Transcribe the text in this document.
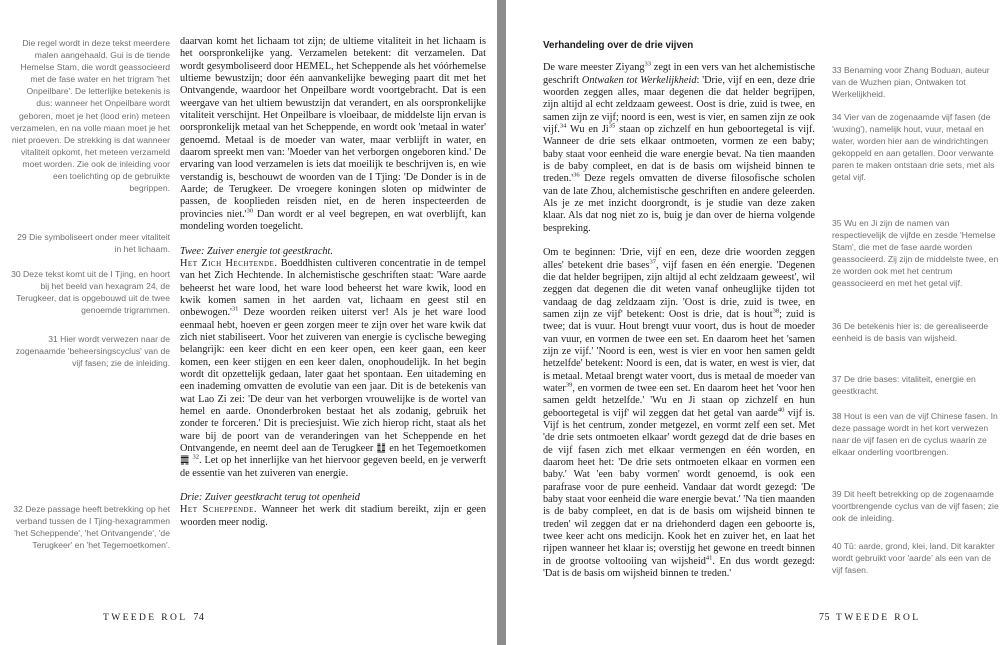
Die regel wordt in deze tekst meerdere malen aangehaald. Gui is de tiende Hemelse Stam, die wordt geassocieerd met de fase water en het trigram 'het Onpeilbare'. De letterlijke betekenis is dus: wanneer het Onpeilbare wordt geboren, moet je het (lood erin) meteen verzamelen, en na volle maan moet je het niet proeven. De strekking is dat wanneer vitaliteit opkomt, het meteen verzameld moet worden. Zie ook de inleiding voor een toelichting op de gebruikte begrippen.
29 Die symboliseert onder meer vitaliteit in het lichaam.
30 Deze tekst komt uit de I Tjing, en hoort bij het beeld van hexagram 24, de Terugkeer, dat is opgebouwd uit de twee genoemde trigrammen.
31 Hier wordt verwezen naar de zogenaamde 'beheersingscyclus' van de vijf fasen; zie de inleiding.
32 Deze passage heeft betrekking op het verband tussen de I Tjing-hexagrammen 'het Scheppende', 'het Ontvangende', 'de Terugkeer' en 'het Tegemoetkomen'.

daarvan komt het lichaam tot zijn; de ultieme vitaliteit in het lichaam is het oorspronkelijke yang. Verzamelen betekent: dit verzamelen. Dat wordt gesymboliseerd door HEMEL, het Scheppende als het vóórhemelse ultieme bewustzijn; door één aanvankelijke beweging paart dit met het Ontvangende, waardoor het Onpeilbare wordt voortgebracht. Dat is een weergave van het ultiem bewustzijn dat verandert, en als oorspronkelijke vitaliteit verschijnt. Het Onpeilbare is vloeibaar, de middelste lijn ervan is oorspronkelijk metaal van het Scheppende, en wordt ook 'metaal in water' genoemd. Metaal is de moeder van water, maar verblijft in water, en daarom spreekt men van: 'Moeder van het verborgen ongeboren kind.' De ervaring van lood verzamelen is iets dat moeilijk te beschrijven is, en wie verstandig is, beschouwt de woorden van de I Tjing: 'De Donder is in de Aarde; de Terugkeer. De vroegere koningen sloten op midwinter de passen, de kooplieden reisden niet, en de heren inspecteerden de provincies $niet.'^{30}$ Dan wordt er al veel begrepen, en wat overblijft, kan mondeling worden toegelicht.

Twee: Zuiver energie tot geestkracht.

Het Zich Hechtende. Boeddhisten cultiveren concentratie in de tempel van het Zich Hechtende. In alchemistische geschriften staat: 'Ware aarde beheerst het ware lood, het ware lood beheerst het ware kwik, lood en kwik komen samen in het aarden vat, lichaam en geest stil en $onbewogen.'^{31}$ Deze woorden reiken uiterst ver! Als je het ware lood eenmaal hebt, hoeven er geen zorgen meer te zijn over het ware kwik dat zich niet stabiliseert. Voor het zuiveren van energie is cyclische beweging belangrijk: een keer dicht en een keer open, een keer gaan, een keer komen, een keer stijgen en een keer dalen, onophoudelijk. In het begin wordt dit opzettelijk gedaan, later gaat het spontaan. Een uitademing en een inademing omvatten de evolutie van een jaar. Dit is de betekenis van wat Lao Zi zei: 'De deur van het verborgen vrouwelijke is de wortel van hemel en aarde. Ononderbroken bestaat het als zodanig, gebruik het zonder te forceren.' Dit is preciesjuist. Wie zich hierop richt, staat als het ware bij de poort van de veranderingen van het Scheppende en het Ontvangende, en neemt deel aan de Terugkeer ䷗ en het Tegemoetkomen ䷫ $^{32}$. Let op het innerlijke van het hiervoor gegeven beeld, en je verwerft de essentie van het zuiveren van energie.

Drie: Zuiver geestkracht terug tot openheid

Het Scheppende. Wanneer het werk dit stadium bereikt, zijn er geen woorden meer nodig.

TWEEDE ROL 74

Verhandeling over de drie vijven

De ware meester Ziyang$^{33}$ zegt in een vers van het alchemistische geschrift Ontwaken tot Werkelijkheid: 'Drie, vijf en een, deze drie woorden zeggen alles, maar degenen die dat helder begrijpen, zijn altijd al echt zeldzaam geweest. Oost is drie, zuid is twee, en samen zijn ze vijf; noord is een, west is vier, en samen zijn ze ook vijf.$^{34}$ Wu en Ji$^{35}$ staan op zichzelf en hun geboortegetal is vijf. Wanneer de drie sets elkaar ontmoeten, vormen ze een baby; baby staat voor eenheid die ware energie bevat. Na tien maanden is de baby compleet, en dat is de basis om wijsheid binnen te $treden.'^{36}$ Deze regels omvatten de diverse filosofische scholen van de late Zhou, alchemistische geschriften en andere geleerden. Als je ze met inzicht doorgrondt, is je studie van deze zaken klaar. Als dat nog niet zo is, buig je dan over de hierna volgende bespreking.

Om te beginnen: 'Drie, vijf en een, deze drie woorden zeggen alles' betekent drie bases$^{37}$, vijf fasen en één energie. 'Degenen die dat helder begrijpen, zijn altijd al echt zeldzaam geweest', wil zeggen dat degenen die dit weten vanaf onheuglijke tijden tot vandaag de dag zeldzaam zijn. 'Oost is drie, zuid is twee, en samen zijn ze vijf' betekent: Oost is drie, dat is hout$^{38}$; zuid is twee; dat is vuur. Hout brengt vuur voort, dus is hout de moeder van vuur, en vormen de twee een set. En daarom heet het 'samen zijn ze vijf.' 'Noord is een, west is vier en voor hen samen geldt hetzelfde' betekent: Noord is een, dat is water, en west is vier, dat is metaal. Metaal brengt water voort, dus is metaal de moeder van water$^{39}$, en vormen de twee een set. En daarom heet het 'voor hen samen geldt hetzelfde.' 'Wu en Ji staan op zichzelf en hun geboortegetal is vijf' wil zeggen dat het getal van aarde$^{40}$ vijf is. Vijf is het centrum, zonder metgezel, en vormt zelf een set. Met 'de drie sets ontmoeten elkaar' wordt gezegd dat de drie bases en de vijf fasen zich met elkaar vermengen en één worden, en daarom heet het: 'De drie sets ontmoeten elkaar en vormen een baby.' Wat 'een baby vormen' wordt genoemd, is ook een parafrase voor de pure eenheid. Vandaar dat wordt gezegd: 'De baby staat voor eenheid die ware energie bevat.' 'Na tien maanden is de baby compleet, en dat is de basis om wijsheid binnen te treden' wil zeggen dat er na driehonderd dagen een geboorte is, twee keer acht ons medicijn. Kook het en zuiver het, en laat het rijpen wanneer het klaar is; overstijg het gewone en treedt binnen in de grootse voltooiing van wijsheid$^{41}$. En dus wordt gezegd: 'Dat is de basis om wijsheid binnen te treden.'

33 Benaming voor Zhang Boduan, auteur van de Wuzhen pian, Ontwaken tot Werkelijkheid.
34 Vier van de zogenaamde vijf fasen (de 'wuxing'), namelijk hout, vuur, metaal en water, worden hier aan de windrichtingen gekoppeld en aan getallen. Door verwante paren te maken ontstaan drie sets, met als getal vijf.
35 Wu en Ji zijn de namen van respectievelijk de vijfde en zesde 'Hemelse Stam', die met de fase aarde worden geassocieerd. Zij zijn de middelste twee, en ze worden ook met het centrum geassocieerd en met het getal vijf.
36 De betekenis hier is: de gerealiseerde eenheid is de basis van wijsheid.
37 De drie bases: vitaliteit, energie en geestkracht.
38 Hout is een van de vijf Chinese fasen. In deze passage wordt in het kort verwezen naar de vijf fasen en de cyclus waarin ze elkaar onderling voortbrengen.
39 Dit heeft betrekking op de zogenaamde voortbrengende cyclus van de vijf fasen; zie ook de inleiding.
40 Tǔ: aarde, grond, klei, land. Dit karakter wordt gebruikt voor 'aarde' als een van de vijf fasen.
75 TWEEDE ROL
